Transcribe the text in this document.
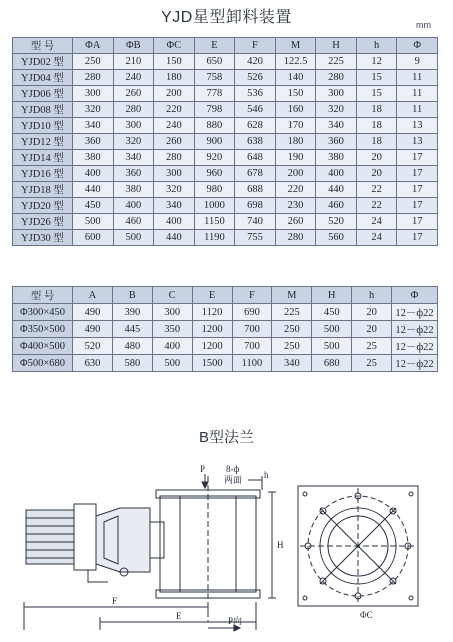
YJD星型卸料装置	mm
型 号	ΦA	ΦB	ΦC	E	F	M	H	h	Φ
YJD02 型	250	210	150	650	420	122.5	225	12	9
YJD04 型	280	240	180	758	526	140	280	15	11
YJD06 型	300	260	200	778	536	150	300	15	11
YJD08 型	320	280	220	798	546	160	320	18	11
YJD10 型	340	300	240	880	628	170	340	18	13
YJD12 型	360	320	260	900	638	180	360	18	13
YJD14 型	380	340	280	920	648	190	380	20	17
YJD16 型	400	360	300	960	678	200	400	20	17
YJD18 型	440	380	320	980	688	220	440	22	17
YJD20 型	450	400	340	1000	698	230	460	22	17
YJD26 型	500	460	400	1150	740	260	520	24	17
YJD30 型	600	500	440	1190	755	280	560	24	17
型 号	A	B	C	E	F	M	H	h	Φ
Φ300×450	490	390	300	1120	690	225	450	20	12－ф22
Φ350×500	490	445	350	1200	700	250	500	20	12－ф22
Φ400×500	520	480	400	1200	700	250	500	25	12－ф22
Φ500×680	630	580	500	1500	1100	340	680	25	12－ф22
B型法兰
P 8-ф
两面 h
H
F
E	P向
ΦC
